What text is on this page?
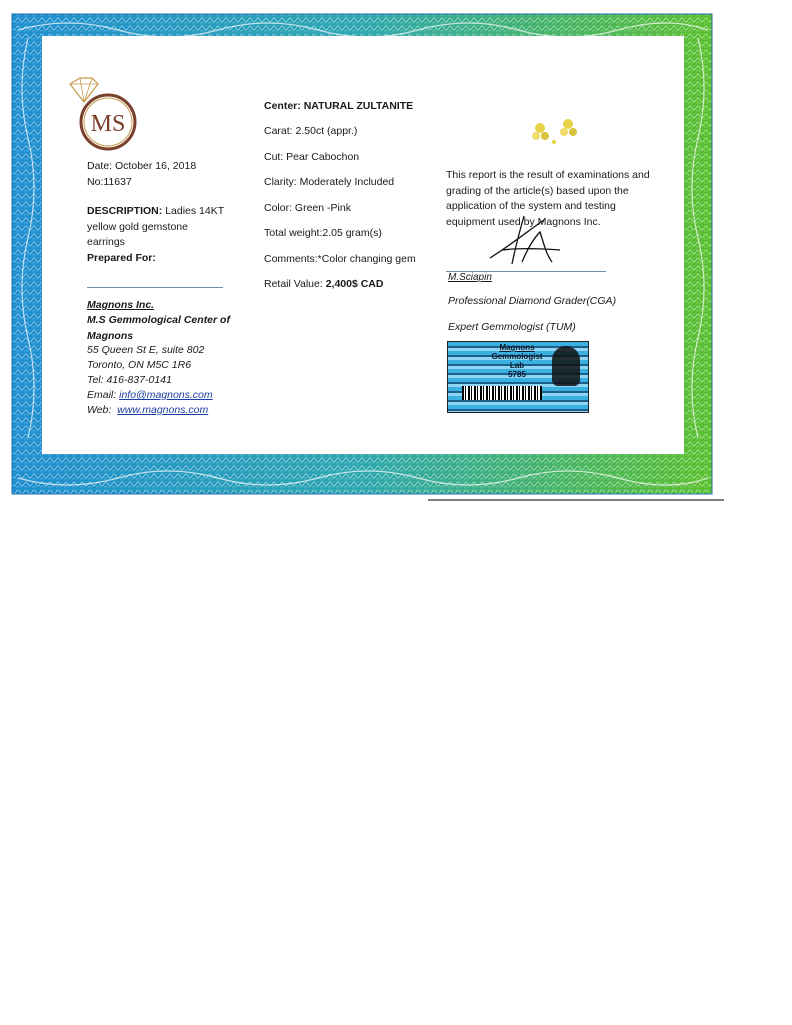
MS
Date: October 16, 2018
No:11637
DESCRIPTION: Ladies 14KT yellow gold gemstone earrings
Prepared For:
Magnons Inc.
M.S Gemmological Center of Magnons
55 Queen St E, suite 802
Toronto, ON M5C 1R6
Tel: 416-837-0141
Email: info@magnons.com
Web: www.magnons.com
Center: NATURAL ZULTANITE
Carat: 2.50ct (appr.)
Cut: Pear Cabochon
Clarity: Moderately Included
Color: Green -Pink
Total weight:2.05 gram(s)
Comments:*Color changing gem
Retail Value: 2,400$ CAD
This report is the result of examinations and grading of the article(s) based upon the application of the system and testing equipment used by Magnons Inc.
M.Sciapin
Professional Diamond Grader(CGA)
Expert Gemmologist (TUM)
Magnons
Gemmologist
Lab
5785
